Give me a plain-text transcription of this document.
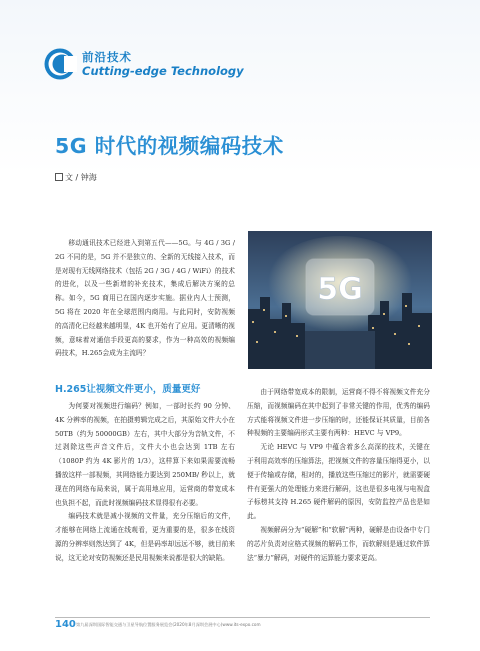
前沿技术

Cutting-edge Technology

5G 时代的视频编码技术

文 / 钟海

移动通讯技术已经进入到第五代——5G。与 4G / 3G / 2G 不同的是，5G 并不是独立的、全新的无线接入技术，而是对现有无线网络技术（包括 2G / 3G / 4G / WiFi）的技术的进化，以及一些新增的补充技术，集成后解决方案的总称。如今，5G 商用已在国内逐步实施。据业内人士预测，5G 将在 2020 年在全球范围内商用。与此同时，安防视频的高清化已经越来越明显，4K 也开始有了应用。更清晰的视频，意味着对通信手段更高的要求，作为一种高效的视频编码技术，H.265会成为主流吗？

5G
H.265让视频文件更小，质量更好

为何要对视频进行编码？例如，一部时长约 90 分钟、4K 分辨率的视频，在拍摄剪辑完成之后，其原始文件大小在 50TB（约为 50000GB）左右，其中大部分为音轨文件，不过剥除这些声音文件后，文件大小也会达到 1TB 左右（1080P 约为 4K 影片的 1/3），这样算下来如果需要流畅播放这样一部视频，其网络能力要达到 250MB/ 秒以上，就现在的网络布局来说，属于高用地应用，运营商的带宽成本也负担不起，而此时视频编码技术显得很有必要。

编码技术就是减小视频的文件量，充分压缩后的文件，才能够在网络上流通在线观看，更为重要的是，很多在线资源的分辨率则然达到了 4K，但是码率却远远不够，就目前来说，这无论对安防视频还是民用视频来说都是很大的缺陷。

由于网络带宽成本的限制，运营商不得不将视频文件充分压缩，而视频编码在其中起到了非常关键的作用，优秀的编码方式能将视频文件进一步压缩的时，还能保证其质量，目前各种视频的主要编码形式主要有两种：HEVC 与 VP9。

无论 HEVC 与 VP9 中蕴含着多么高深的技术，关键在于利用高效率的压缩算法，把视频文件的容量压缩得更小，以便于传输或存储，相对的，播放这些压缩过的影片，就需要硬件有更强大的处理能力来进行解码，这也是很多电视与电视盒子标榜其支持 H.265 硬件解码的原因，安防监控产品也是如此。

视频解码分为“硬解”和“软解”两种，硬解是由设备中专门的芯片负责对应格式视频的解码工作，而软解则是通过软件算法“暴力”解码，对硬件的运算能力要求更高。

140 第九届深圳国际智能交通与卫星导航位置服务展览会(2020年8月深圳会展中心)www.its-expo.com
